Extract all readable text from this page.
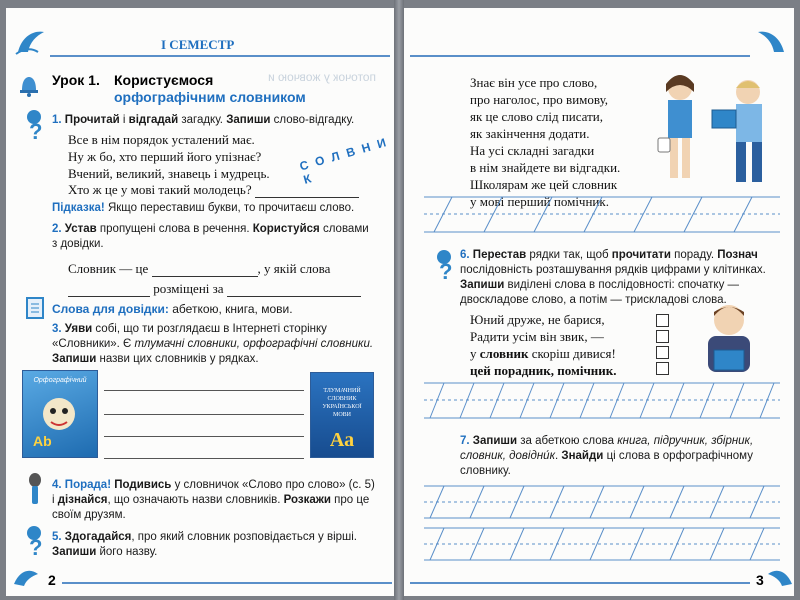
І СЕМЕСТР
Урок 1. Користуємося
орфографічним словником
поточок у жовчою и
? 1. Прочитай і відгадай загадку. Запиши слово-відгадку.
Все в нім порядок усталений має.
Ну ж бо, хто перший його упізнає?
Вчений, великий, знавець і мудрець.
С О Л В Н И К
Хто ж це у мові такий молодець?
Підказка! Якщо переставиш букви, то прочитаєш слово.
2. Устав пропущені слова в речення. Користуйся словами
з довідки.
Словник — це	, у якій слова
розміщені за
Слова для довідки: абеткою, книга, мови.
3. Уяви собі, що ти розглядаєш в Інтернеті сторінку
«Словники». Є тлумачні словники, орфографічні словники.
Запиши назви цих словників у рядках.
Орфографічний
Ab
ТЛУМАЧНИЙ
СЛОВНИК
УКРАЇНСЬКОЇ
МОВИ
Аа
4. Порада! Подивись у словничок «Слово про слово» (с. 5)
і дізнайся, що означають назви словників. Розкажи про це
своїм друзям.
? 5. Здогадайся, про який словник розповідається у вірші.
Запиши його назву.
2
Знає він усе про слово,
про наголос, про вимову,
як це слово слід писати,
як закінчення додати.
На усі складні загадки
в нім знайдете ви відгадки.
Школярам же цей словник
у мові перший помічник.
?
6. Перестав рядки так, щоб прочитати пораду. Познач
послідовність розташування рядків цифрами у клітинках.
Запиши виділені слова в послідовності: спочатку —
двоскладове слово, а потім — трискладові слова.
Юний друже, не барися,
Радити усім він звик, —
у словник скоріш дивися!
цей порадник, помічник.
7. Запиши за абеткою слова книга, підручник, збірник,
словник, довідни́к. Знайди ці слова в орфографічному
словнику.
3
